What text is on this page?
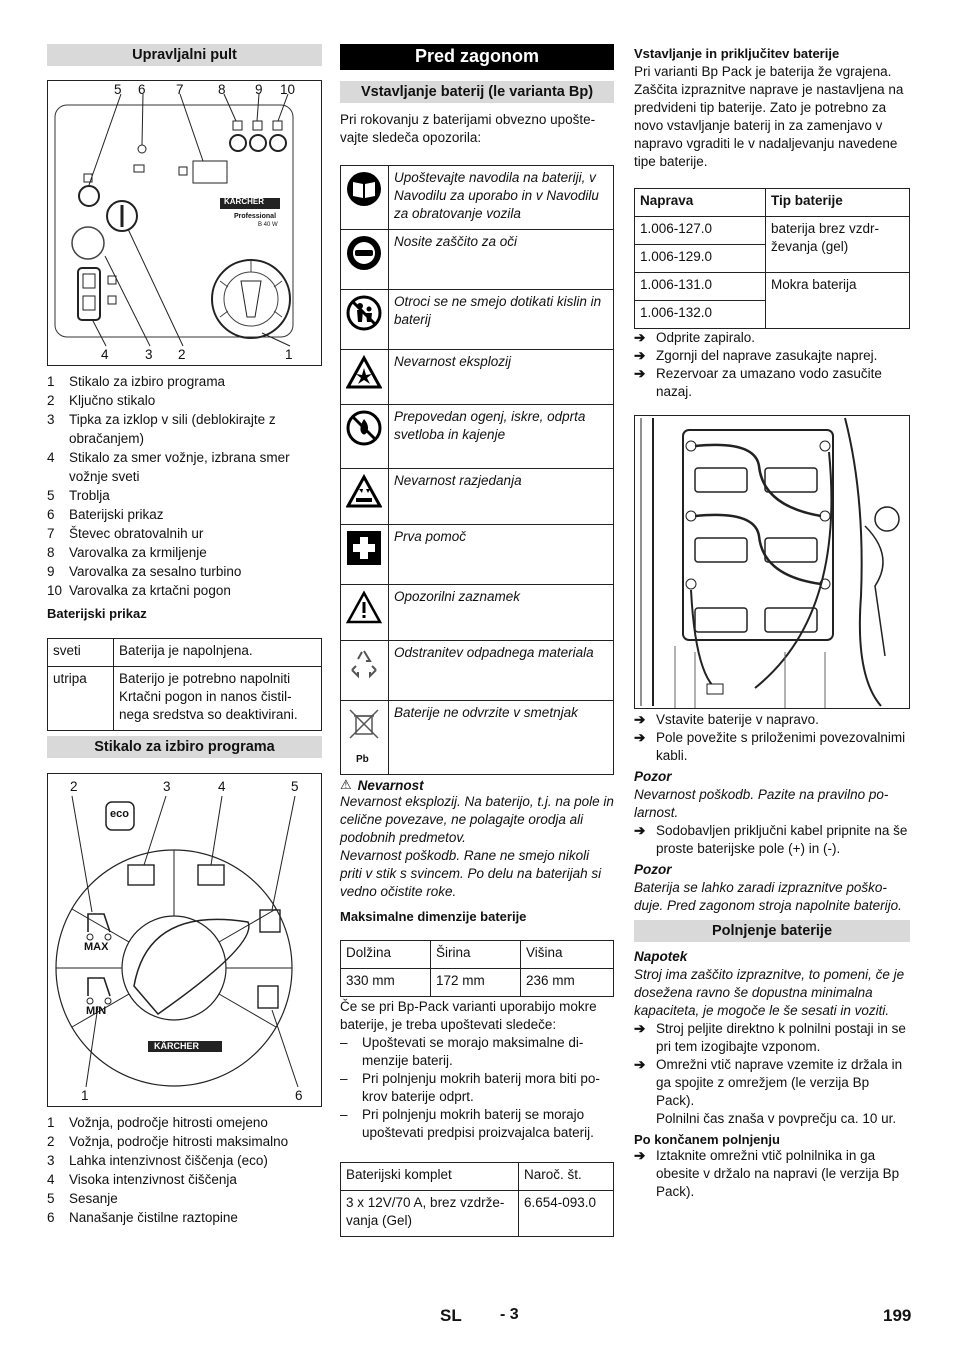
Upravljalni pult
5 6 7	8 9 10
4	3 2	1
KÄRCHER
Professional
B 40 W
1	Stikalo za izbiro programa
2	Ključno stikalo
3	Tipka za izklop v sili (deblokirajte z obračanjem)
4	Stikalo za smer vožnje, izbrana smer vožnje sveti
5	Troblja
6	Baterijski prikaz
7	Števec obratovalnih ur
8	Varovalka za krmiljenje
9	Varovalka za sesalno turbino
10 Varovalka za krtačni pogon
Baterijski prikaz
sveti	Baterija je napolnjena.
utripa	Baterijo je potrebno napolniti Krtačni pogon in nanos čistilnega sredstva so deaktivirani.
Stikalo za izbiro programa
2	3	4	5
1	6
eco
MAX
MIN
KÄRCHER
1	Vožnja, področje hitrosti omejeno
2	Vožnja, področje hitrosti maksimalno
3	Lahka intenzivnost čiščenja (eco)
4	Visoka intenzivnost čiščenja
5	Sesanje
6	Nanašanje čistilne raztopine
Pred zagonom
Vstavljanje baterij (le varianta Bp)

Pri rokovanju z baterijami obvezno upoštevajte sledeča opozorila:

	Upoštevajte navodila na bateriji, v Navodilu za uporabo in v Navodilu za obratovanje vozila
	Nosite zaščito za oči
	Otroci se ne smejo dotikati kislin in baterij
	Nevarnost eksplozij
	Prepovedan ogenj, iskre, odprta svetloba in kajenje
	Nevarnost razjedanja
	Prva pomoč
	Opozorilni zaznamek
	Odstranitev odpadnega materiala

Pb	Baterije ne odvrzite v smetnjak
⚠ Nevarnost

Nevarnost eksplozij. Na baterijo, t.j. na pole in celične povezave, ne polagajte orodja ali podobnih predmetov.

Nevarnost poškodb. Rane ne smejo nikoli priti v stik s svincem. Po delu na baterijah si vedno očistite roke.

Maksimalne dimenzije baterije
Dolžina	Širina	Višina
330 mm	172 mm	236 mm

Če se pri Bp-Pack varianti uporabijo mokre baterije, je treba upoštevati sledeče:

–	Upoštevati se morajo maksimalne dimenzije baterij.
–	Pri polnjenju mokrih baterij mora biti pokrov baterije odprt.
–	Pri polnjenju mokrih baterij se morajo upoštevati predpisi proizvajalca baterij.
Baterijski komplet	Naroč. št.
3 x 12V/70 A, brez vzdrževanja (Gel)	6.654-093.0
Vstavljanje in priključitev baterije

Pri varianti Bp Pack je baterija že vgrajena. Zaščita izpraznitve naprave je nastavljena na predvideni tip baterije. Zato je potrebno za novo vstavljanje baterij in za zamenjavo v napravo vgraditi le v nadaljevanju navedene tipe baterije.

Naprava	Tip baterije
1.006-127.0	baterija brez vzdrževanja (gel)
1.006-129.0	
1.006-131.0	Mokra baterija
1.006-132.0	
➔ Odprite zapiralo.
➔ Zgornji del naprave zasukajte naprej.
➔ Rezervoar za umazano vodo zasučite nazaj.
➔ Vstavite baterije v napravo.
➔ Pole povežite s priloženimi povezovalnimi kabli.
Pozor

Nevarnost poškodb. Pazite na pravilno polarnost.

➔ Sodobavljen priključni kabel pripnite na še proste baterijske pole (+) in (-).
Pozor

Baterija se lahko zaradi izpraznitve poškoduje. Pred zagonom stroja napolnite baterijo.

Polnjenje baterije
Napotek

Stroj ima zaščito izpraznitve, to pomeni, če je dosežena ravno še dopustna minimalna kapaciteta, je mogoče le še sesati in voziti.

➔ Stroj peljite direktno k polnilni postaji in se pri tem izogibajte vzponom.
➔ Omrežni vtič naprave vzemite iz držala in ga spojite z omrežjem (le verzija Bp Pack).

Polnilni čas znaša v povprečju ca. 10 ur.

Po končanem polnjenju
➔ Iztaknite omrežni vtič polnilnika in ga obesite v držalo na napravi (le verzija Bp Pack).
SL - 3	199
